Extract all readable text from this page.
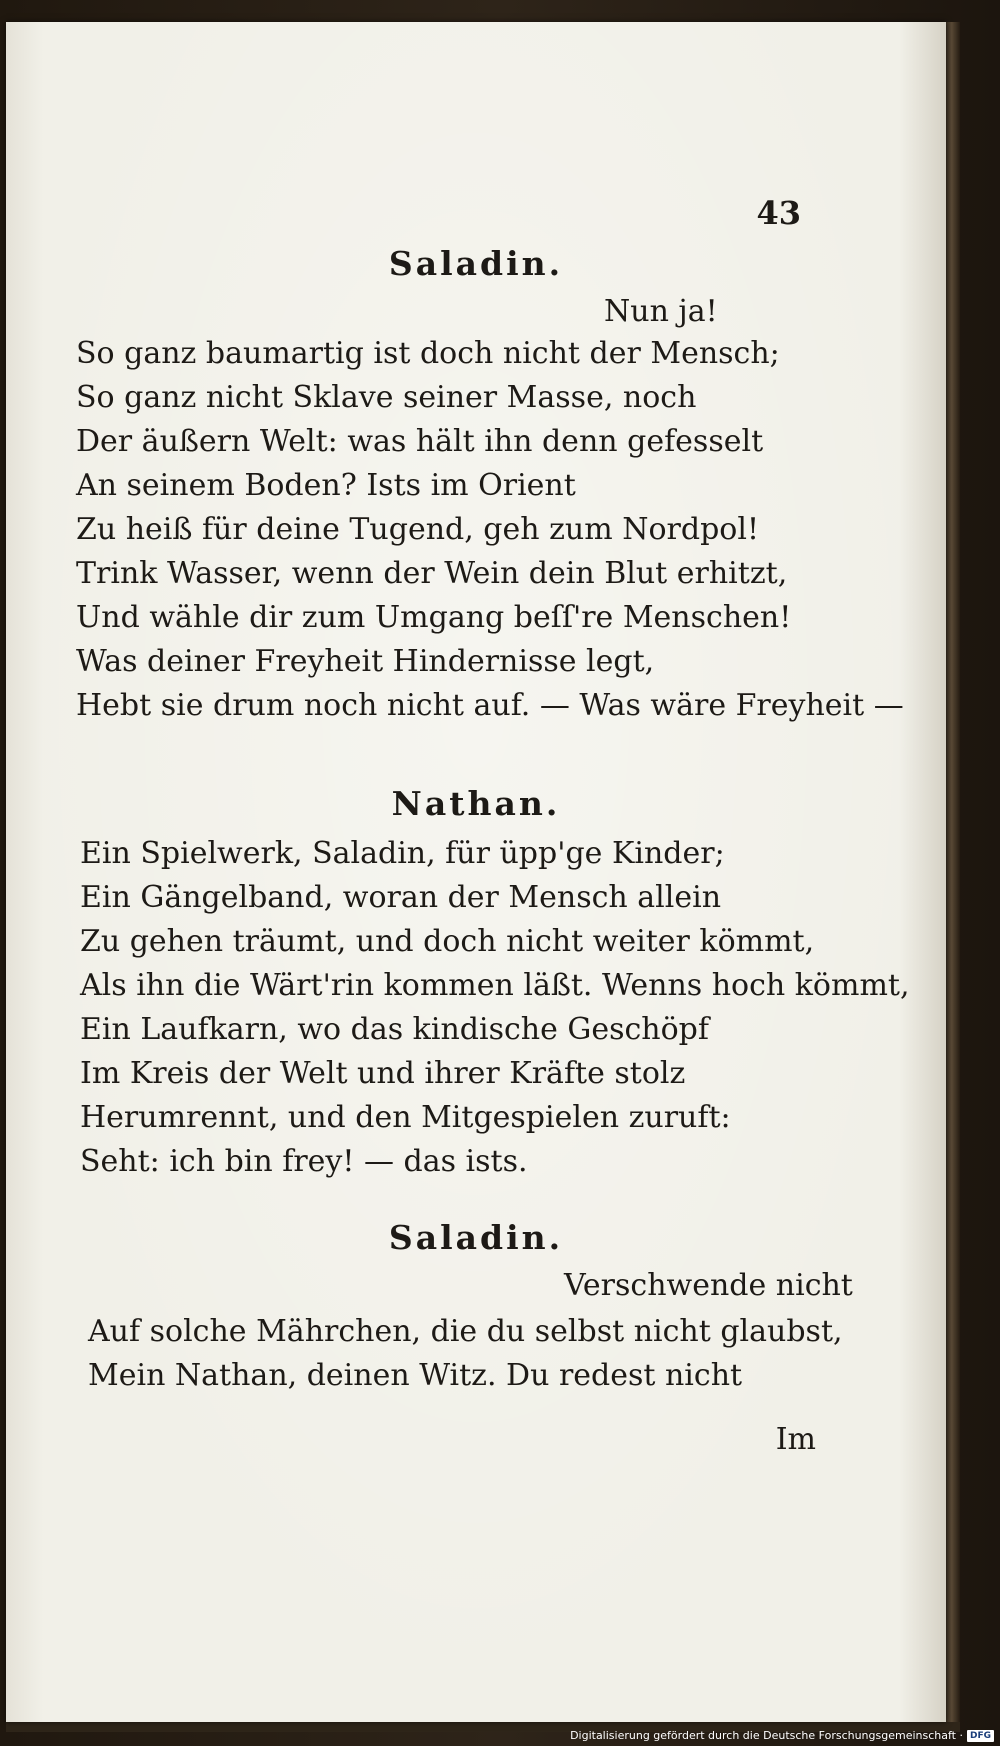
43
Saladin.
Nun ja!
So ganz baumartig ist doch nicht der Mensch;
So ganz nicht Sklave seiner Masse, noch
Der äußern Welt: was hält ihn denn gefesselt
An seinem Boden? Ists im Orient
Zu heiß für deine Tugend, geh zum Nordpol!
Trink Wasser, wenn der Wein dein Blut erhitzt,
Und wähle dir zum Umgang beſſ're Menschen!
Was deiner Freyheit Hindernisse legt,
Hebt sie drum noch nicht auf. — Was wäre Freyheit —
Nathan.
Ein Spielwerk, Saladin, für üpp'ge Kinder;
Ein Gängelband, woran der Mensch allein
Zu gehen träumt, und doch nicht weiter kömmt,
Als ihn die Wärt'rin kommen läßt. Wenns hoch kömmt,
Ein Laufkarn, wo das kindische Geschöpf
Im Kreis der Welt und ihrer Kräfte stolz
Herumrennt, und den Mitgespielen zuruft:
Seht: ich bin frey! — das ists.
Saladin.
Verschwende nicht
Auf solche Mährchen, die du selbst nicht glaubst,
Mein Nathan, deinen Witz. Du redest nicht
Im
Digitalisierung gefördert durch die Deutsche Forschungsgemeinschaft · DFG
